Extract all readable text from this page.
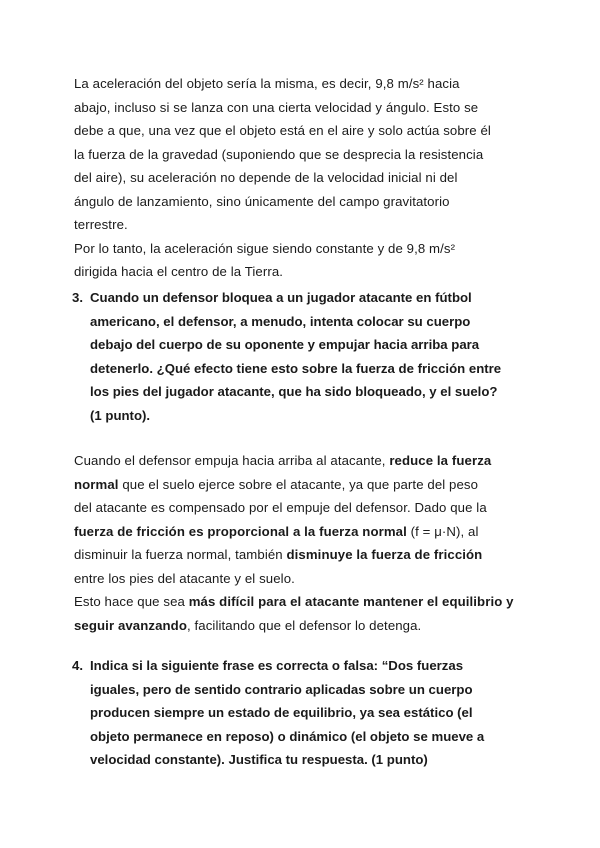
La aceleración del objeto sería la misma, es decir, 9,8 m/s² hacia
abajo, incluso si se lanza con una cierta velocidad y ángulo. Esto se
debe a que, una vez que el objeto está en el aire y solo actúa sobre él
la fuerza de la gravedad (suponiendo que se desprecia la resistencia
del aire), su aceleración no depende de la velocidad inicial ni del
ángulo de lanzamiento, sino únicamente del campo gravitatorio
terrestre.
Por lo tanto, la aceleración sigue siendo constante y de 9,8 m/s²
dirigida hacia el centro de la Tierra.
3. Cuando un defensor bloquea a un jugador atacante en fútbol
americano, el defensor, a menudo, intenta colocar su cuerpo
debajo del cuerpo de su oponente y empujar hacia arriba para
detenerlo. ¿Qué efecto tiene esto sobre la fuerza de fricción entre
los pies del jugador atacante, que ha sido bloqueado, y el suelo?
(1 punto).
Cuando el defensor empuja hacia arriba al atacante, reduce la fuerza
normal que el suelo ejerce sobre el atacante, ya que parte del peso
del atacante es compensado por el empuje del defensor. Dado que la
fuerza de fricción es proporcional a la fuerza normal (f = μ·N), al
disminuir la fuerza normal, también disminuye la fuerza de fricción
entre los pies del atacante y el suelo.
Esto hace que sea más difícil para el atacante mantener el equilibrio y
seguir avanzando, facilitando que el defensor lo detenga.
4. Indica si la siguiente frase es correcta o falsa: “Dos fuerzas
iguales, pero de sentido contrario aplicadas sobre un cuerpo
producen siempre un estado de equilibrio, ya sea estático (el
objeto permanece en reposo) o dinámico (el objeto se mueve a
velocidad constante). Justifica tu respuesta. (1 punto)
